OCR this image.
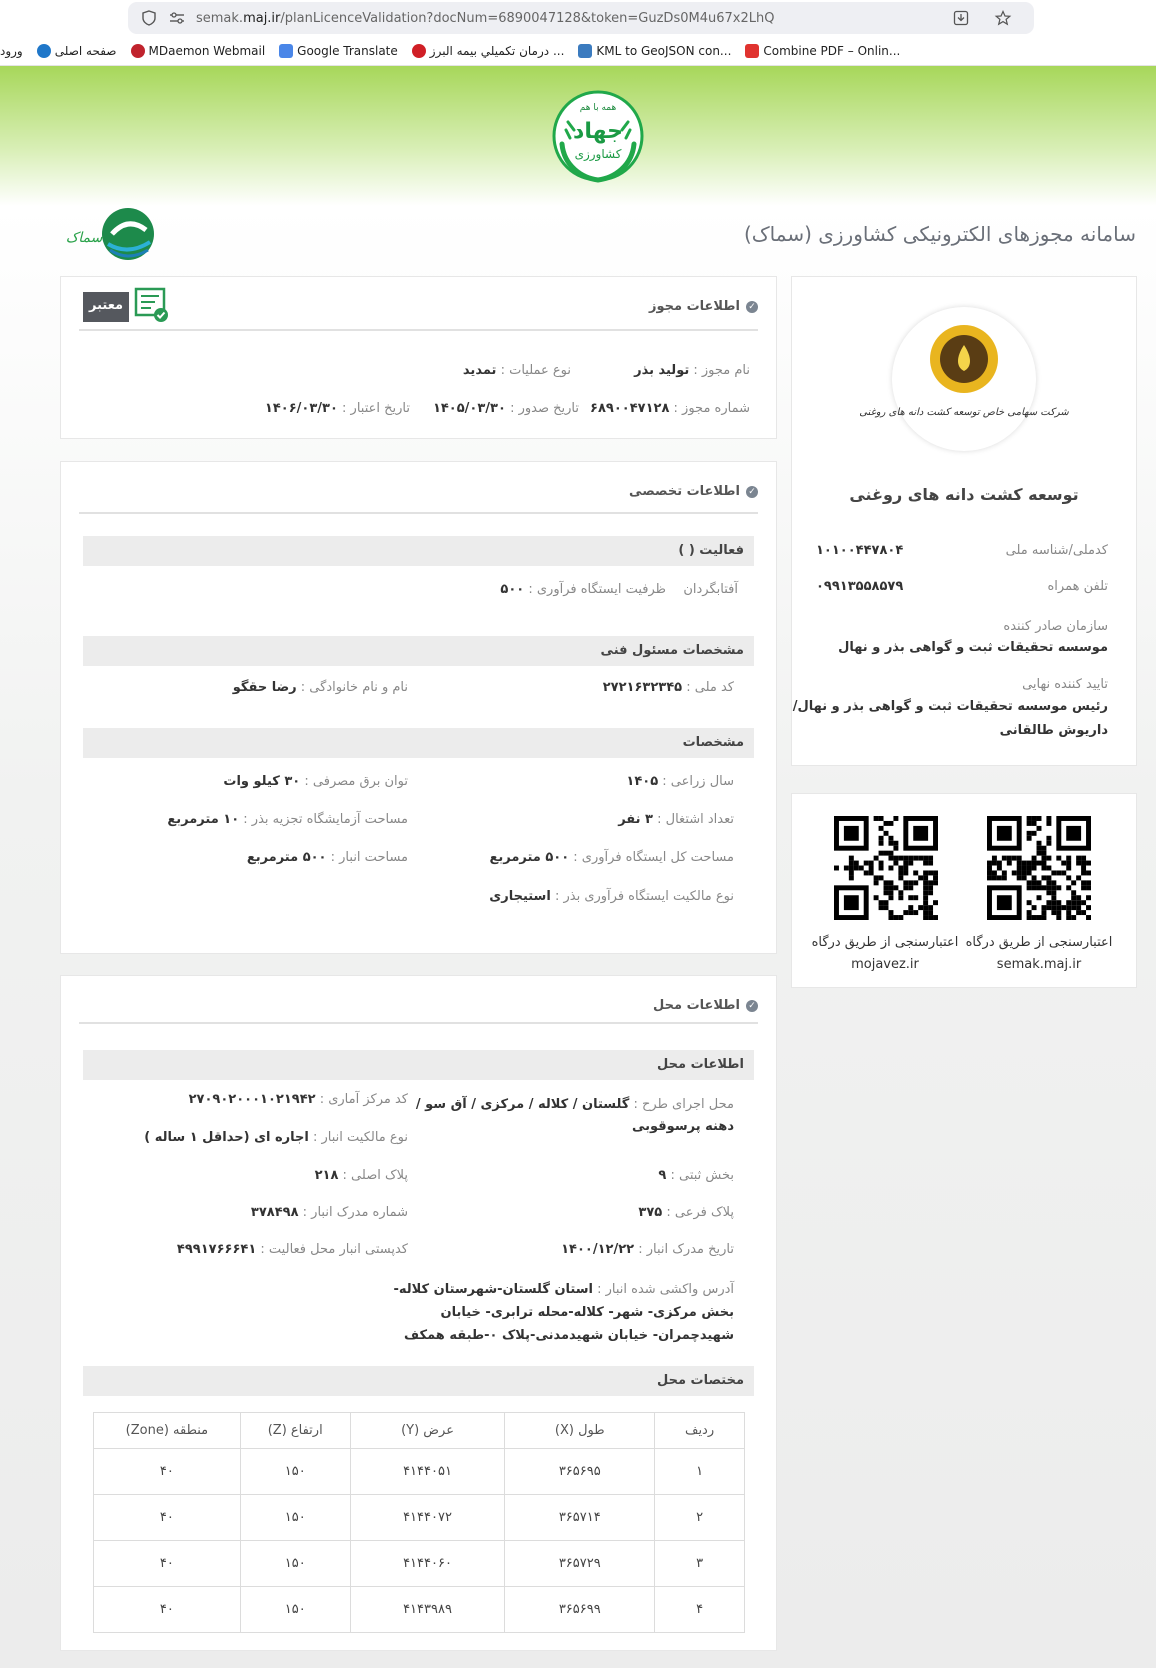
semak.maj.ir/planLicenceValidation?docNum=6890047128&token=GuzDs0M4u67x2LhQ
ورود	صفحه اصلی	MDaemon Webmail	Google Translate	درمان تکميلي بيمه البرز ...	KML to GeoJSON con...	Combine PDF – Onlin...
همه با هم
جهاد
کشاورزی
سامانه مجوزهای الکترونیکی کشاورزی (سماک)
سماک
✓
اطلاعات مجوز
معتبر
نام مجوز : تولید بذر
نوع عملیات : تمدید
شماره مجوز : ۶۸۹۰۰۴۷۱۲۸
تاریخ صدور : ۱۴۰۵/۰۳/۳۰
تاریخ اعتبار : ۱۴۰۶/۰۳/۳۰	شرکت سهامی خاص توسعه کشت دانه های روغنی
توسعه کشت دانه های روغنی
کدملی/شناسه ملی
۱۰۱۰۰۴۴۷۸۰۴
تلفن همراه
۰۹۹۱۳۵۵۸۵۷۹
سازمان صادر کننده
موسسه تحقیقات ثبت و گواهی بذر و نهال
تایید کننده نهایی
رئیس موسسه تحقیقات ثبت و گواهی بذر و نهال/
داریوش طالقانی
اعتبارسنجی از طریق درگاه
mojavez.ir
اعتبارسنجی از طریق درگاه
semak.maj.ir
✓
اطلاعات تخصصی
فعالیت ( )
آفتابگردان
ظرفیت ایستگاه فرآوری : ۵۰۰
مشخصات مسئول فنی
کد ملی : ۲۷۲۱۶۳۲۳۴۵
نام و نام خانوادگی : رضا حقگو
مشخصات
سال زراعی : ۱۴۰۵
توان برق مصرفی : ۳۰ کیلو وات
تعداد اشتغال : ۳ نفر
مساحت آزمایشگاه تجزیه بذر : ۱۰ مترمربع
مساحت کل ایستگاه فرآوری : ۵۰۰ مترمربع
مساحت انبار : ۵۰۰ مترمربع
نوع مالکیت ایستگاه فرآوری بذر : استیجاری
✓
اطلاعات محل
اطلاعات محل
محل اجرای طرح : گلستان / کلاله / مرکزی / آق سو /
دهنه پرسوقوبی
کد مرکز آماری : ۲۷۰۹۰۲۰۰۰۱۰۲۱۹۴۲
نوع مالکیت انبار : اجاره ای (حداقل ۱ ساله )
بخش ثبتی : ۹
پلاک اصلی : ۲۱۸
پلاک فرعی : ۳۷۵
شماره مدرک انبار : ۳۷۸۴۹۸
تاریخ مدرک انبار : ۱۴۰۰/۱۲/۲۲
کدپستی انبار محل فعالیت : ۴۹۹۱۷۶۶۶۴۱
آدرس واکشی شده انبار : استان گلستان-شهرستان کلاله-
بخش مرکزی- شهر- کلاله-محله ترابری- خیابان
شهیدچمران- خیابان شهیدمدنی-پلاک ٠-طبقه همکف
مختصات محل
ردیف	طول (X)	عرض (Y)	ارتفاع (Z)	منطقه (Zone)
۱	۳۶۵۶۹۵	۴۱۴۴۰۵۱	۱۵۰	۴۰
۲	۳۶۵۷۱۴	۴۱۴۴۰۷۲	۱۵۰	۴۰
۳	۳۶۵۷۲۹	۴۱۴۴۰۶۰	۱۵۰	۴۰
۴	۳۶۵۶۹۹	۴۱۴۳۹۸۹	۱۵۰	۴۰
